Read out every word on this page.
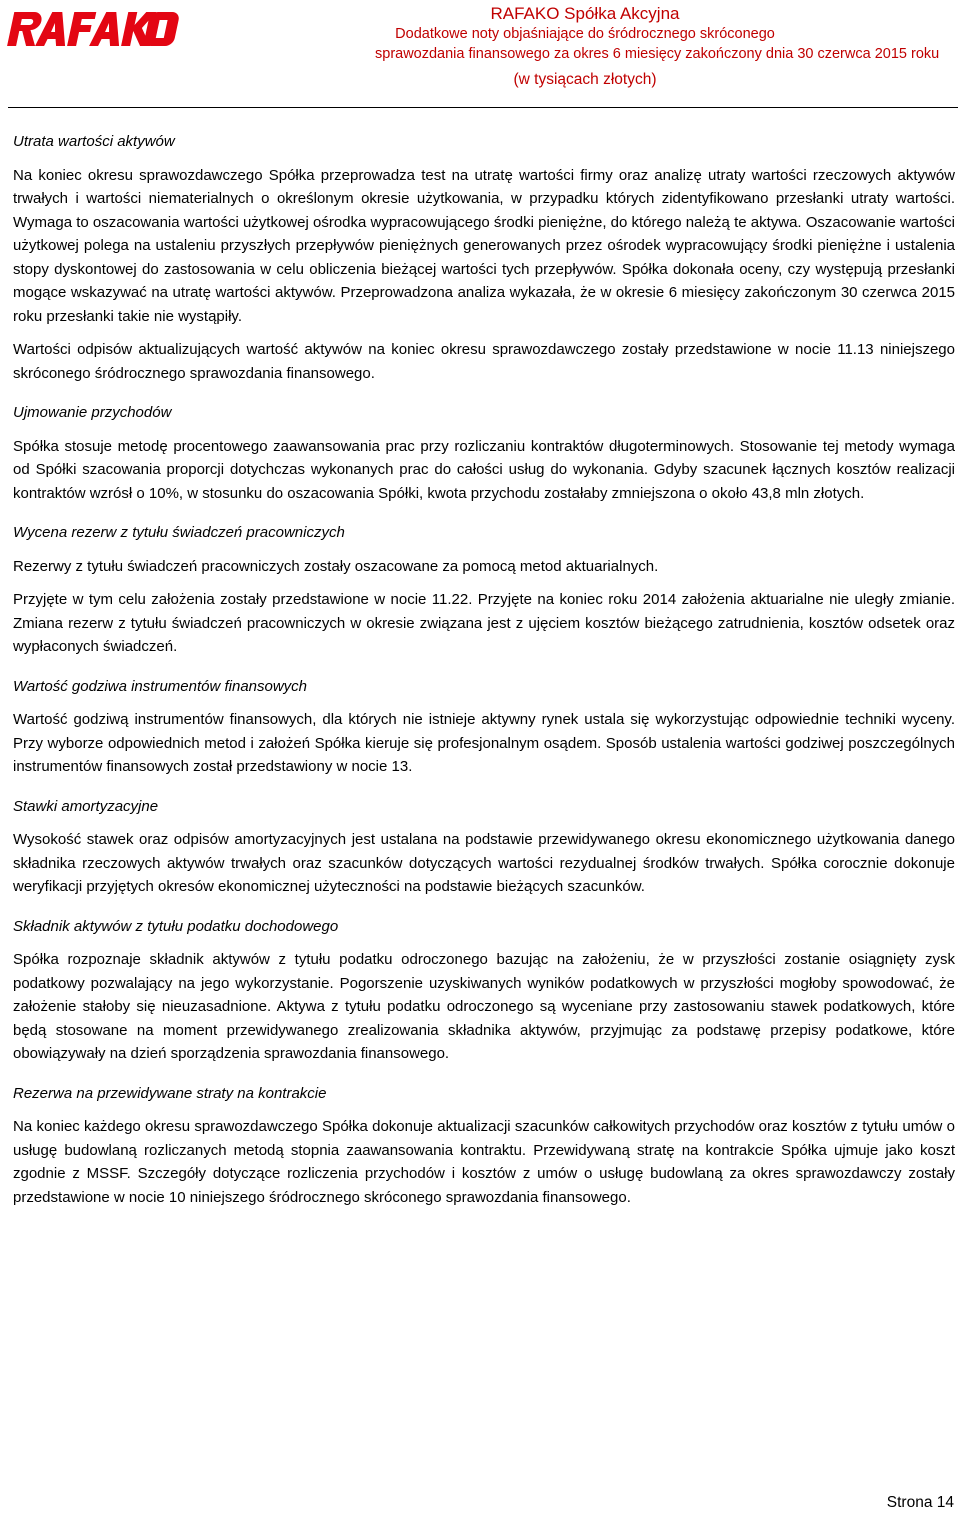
RAFAKO Spółka Akcyjna
Dodatkowe noty objaśniające do śródrocznego skróconego
sprawozdania finansowego za okres 6 miesięcy zakończony dnia 30 czerwca 2015 roku
(w tysiącach złotych)
Utrata wartości aktywów

Na koniec okresu sprawozdawczego Spółka przeprowadza test na utratę wartości firmy oraz analizę utraty wartości rzeczowych aktywów trwałych i wartości niematerialnych o określonym okresie użytkowania, w przypadku których zidentyfikowano przesłanki utraty wartości. Wymaga to oszacowania wartości użytkowej ośrodka wypracowującego środki pieniężne, do którego należą te aktywa. Oszacowanie wartości użytkowej polega na ustaleniu przyszłych przepływów pieniężnych generowanych przez ośrodek wypracowujący środki pieniężne i ustalenia stopy dyskontowej do zastosowania w celu obliczenia bieżącej wartości tych przepływów. Spółka dokonała oceny, czy występują przesłanki mogące wskazywać na utratę wartości aktywów. Przeprowadzona analiza wykazała, że w okresie 6 miesięcy zakończonym 30 czerwca 2015 roku przesłanki takie nie wystąpiły.

Wartości odpisów aktualizujących wartość aktywów na koniec okresu sprawozdawczego zostały przedstawione w nocie 11.13 niniejszego skróconego śródrocznego sprawozdania finansowego.

Ujmowanie przychodów

Spółka stosuje metodę procentowego zaawansowania prac przy rozliczaniu kontraktów długoterminowych. Stosowanie tej metody wymaga od Spółki szacowania proporcji dotychczas wykonanych prac do całości usług do wykonania. Gdyby szacunek łącznych kosztów realizacji kontraktów wzrósł o 10%, w stosunku do oszacowania Spółki, kwota przychodu zostałaby zmniejszona o około 43,8 mln złotych.

Wycena rezerw z tytułu świadczeń pracowniczych

Rezerwy z tytułu świadczeń pracowniczych zostały oszacowane za pomocą metod aktuarialnych.

Przyjęte w tym celu założenia zostały przedstawione w nocie 11.22. Przyjęte na koniec roku 2014 założenia aktuarialne nie uległy zmianie. Zmiana rezerw z tytułu świadczeń pracowniczych w okresie związana jest z ujęciem kosztów bieżącego zatrudnienia, kosztów odsetek oraz wypłaconych świadczeń.

Wartość godziwa instrumentów finansowych

Wartość godziwą instrumentów finansowych, dla których nie istnieje aktywny rynek ustala się wykorzystując odpowiednie techniki wyceny. Przy wyborze odpowiednich metod i założeń Spółka kieruje się profesjonalnym osądem. Sposób ustalenia wartości godziwej poszczególnych instrumentów finansowych został przedstawiony w nocie 13.

Stawki amortyzacyjne

Wysokość stawek oraz odpisów amortyzacyjnych jest ustalana na podstawie przewidywanego okresu ekonomicznego użytkowania danego składnika rzeczowych aktywów trwałych oraz szacunków dotyczących wartości rezydualnej środków trwałych. Spółka corocznie dokonuje weryfikacji przyjętych okresów ekonomicznej użyteczności na podstawie bieżących szacunków.

Składnik aktywów z tytułu podatku dochodowego

Spółka rozpoznaje składnik aktywów z tytułu podatku odroczonego bazując na założeniu, że w przyszłości zostanie osiągnięty zysk podatkowy pozwalający na jego wykorzystanie. Pogorszenie uzyskiwanych wyników podatkowych w przyszłości mogłoby spowodować, że założenie stałoby się nieuzasadnione. Aktywa z tytułu podatku odroczonego są wyceniane przy zastosowaniu stawek podatkowych, które będą stosowane na moment przewidywanego zrealizowania składnika aktywów, przyjmując za podstawę przepisy podatkowe, które obowiązywały na dzień sporządzenia sprawozdania finansowego.

Rezerwa na przewidywane straty na kontrakcie

Na koniec każdego okresu sprawozdawczego Spółka dokonuje aktualizacji szacunków całkowitych przychodów oraz kosztów z tytułu umów o usługę budowlaną rozliczanych metodą stopnia zaawansowania kontraktu. Przewidywaną stratę na kontrakcie Spółka ujmuje jako koszt zgodnie z MSSF. Szczegóły dotyczące rozliczenia przychodów i kosztów z umów o usługę budowlaną za okres sprawozdawczy zostały przedstawione w nocie 10 niniejszego śródrocznego skróconego sprawozdania finansowego.

Strona 14
